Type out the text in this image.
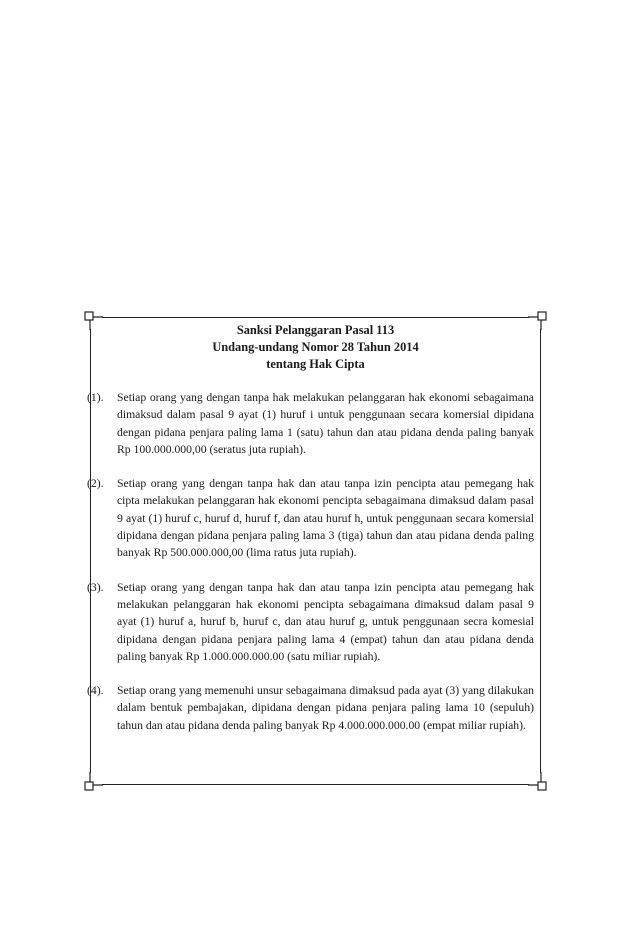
Sanksi Pelanggaran Pasal 113
Undang-undang Nomor 28 Tahun 2014
tentang Hak Cipta
(1). Setiap orang yang dengan tanpa hak melakukan pelanggaran hak ekonomi sebagaimana dimaksud dalam pasal 9 ayat (1) huruf i untuk penggunaan secara komersial dipidana dengan pidana penjara paling lama 1 (satu) tahun dan atau pidana denda paling banyak Rp 100.000.000,00 (seratus juta rupiah).
(2). Setiap orang yang dengan tanpa hak dan atau tanpa izin pencipta atau pemegang hak cipta melakukan pelanggaran hak ekonomi pencipta sebagaimana dimaksud dalam pasal 9 ayat (1) huruf c, huruf d, huruf f, dan atau huruf h, untuk penggunaan secara komersial dipidana dengan pidana penjara paling lama 3 (tiga) tahun dan atau pidana denda paling banyak Rp 500.000.000,00 (lima ratus juta rupiah).
(3). Setiap orang yang dengan tanpa hak dan atau tanpa izin pencipta atau pemegang hak melakukan pelanggaran hak ekonomi pencipta sebagaimana dimaksud dalam pasal 9 ayat (1) huruf a, huruf b, huruf c, dan atau huruf g, untuk penggunaan secra komesial dipidana dengan pidana penjara paling lama 4 (empat) tahun dan atau pidana denda paling banyak Rp 1.000.000.000.00 (satu miliar rupiah).
(4). Setiap orang yang memenuhi unsur sebagaimana dimaksud pada ayat (3) yang dilakukan dalam bentuk pembajakan, dipidana dengan pidana penjara paling lama 10 (sepuluh) tahun dan atau pidana denda paling banyak Rp 4.000.000.000.00 (empat miliar rupiah).
